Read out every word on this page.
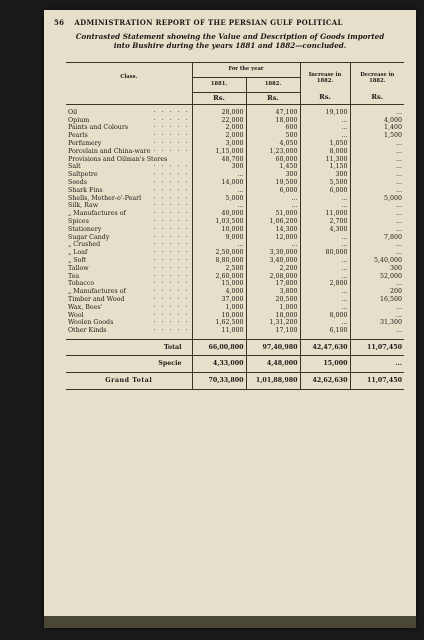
56 ADMINISTRATION REPORT OF THE PERSIAN GULF POLITICAL
Contrasted Statement showing the Value and Description of Goods imported
into Bushire during the years 1881 and 1882—concluded.
Class.	For the year		Increase in 1882.	Decrease in 1882.
	1881.	1882.		
	Rs.	Rs.	Rs.	Rs.

Oil · · · · ·	28,000	47,100	19,100	...
Opium · · · · ·	22,000	18,000	...	4,000
Paints and Colours · · · · ·	2,000	600	...	1,400
Pearls · · · · ·	2,000	500	...	1,500
Perfumery · · · · ·	3,000	4,050	1,050	...
Porcelain and China-ware · · · · ·	1,15,000	1,23,000	8,000	...
Provisions and Oilman's Stores	48,700	60,000	11,300	...
Salt · · · · ·	300	1,450	1,150	...
Saltpetre · · · · ·	...	300	300	...
Seeds · · · · ·	14,000	19,500	5,500	...
Shark Fins · · · · ·	...	6,000	6,000	...
Shells, Mother-o'-Pearl · · · · ·	5,000	...	...	5,000
Silk, Raw · · · · ·	...	...	...	...
„ Manufactures of · · · · ·	40,000	51,000	11,000	...
Spices · · · · ·	1,03,500	1,06,200	2,700	...
Stationery · · · · ·	10,000	14,300	4,300	...
Sugar Candy · · · · ·	9,000	12,000	...	7,800
„ Crushed · · · · ·	...	...	...	...
„ Loaf · · · · ·	2,50,000	3,30,000	80,000	...
„ Soft · · · · ·	8,80,000	3,40,000	...	5,40,000
Tallow · · · · ·	2,500	2,200	...	300
Tea · · · · ·	2,60,000	2,08,000	...	52,000
Tobacco · · · · ·	15,000	17,800	2,800	...
„ Manufactures of · · · · ·	4,000	3,800	...	200
Timber and Wood · · · · ·	37,000	20,500	...	16,500
Wax, Bees' · · · · ·	1,000	1,000	...	...
Wool · · · · ·	10,000	18,000	8,000	...
Woolen Goods · · · · ·	1,62,500	1,31,200	...	31,300
Other Kinds · · · · ·	11,000	17,100	6,100	...

Total	66,00,800	97,40,980	42,47,630	11,07,450
Specie	4,33,000	4,48,000	15,000	...
Grand Total	70,33,800	1,01,88,980	42,62,630	11,07,450
